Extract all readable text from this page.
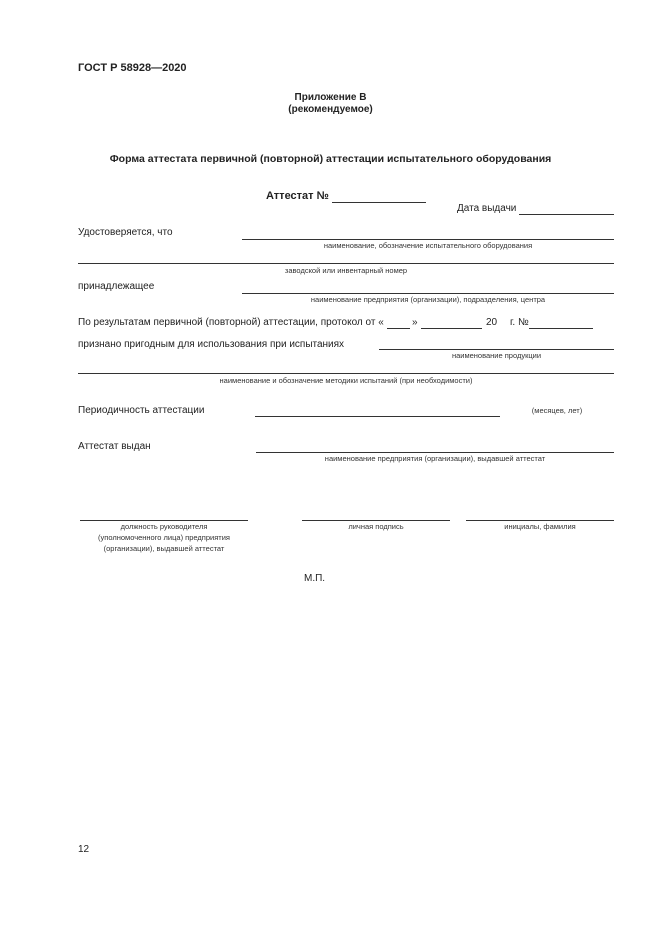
ГОСТ Р 58928—2020
Приложение В
(рекомендуемое)
Форма аттестата первичной (повторной) аттестации испытательного оборудования
Аттестат №
Дата выдачи
Удостоверяется, что
наименование, обозначение испытательного оборудования
заводской или инвентарный номер
принадлежащее
наименование предприятия (организации), подразделения, центра
По результатам первичной (повторной) аттестации, протокол от «	»	20 г. №
признано пригодным для использования при испытаниях
наименование продукции
наименование и обозначение методики испытаний (при необходимости)
Периодичность аттестации	(месяцев, лет)
Аттестат выдан
наименование предприятия (организации), выдавшей аттестат
должность руководителя
(уполномоченного лица) предприятия
(организации), выдавшей аттестат
личная подпись	инициалы, фамилия
М.П.
12
